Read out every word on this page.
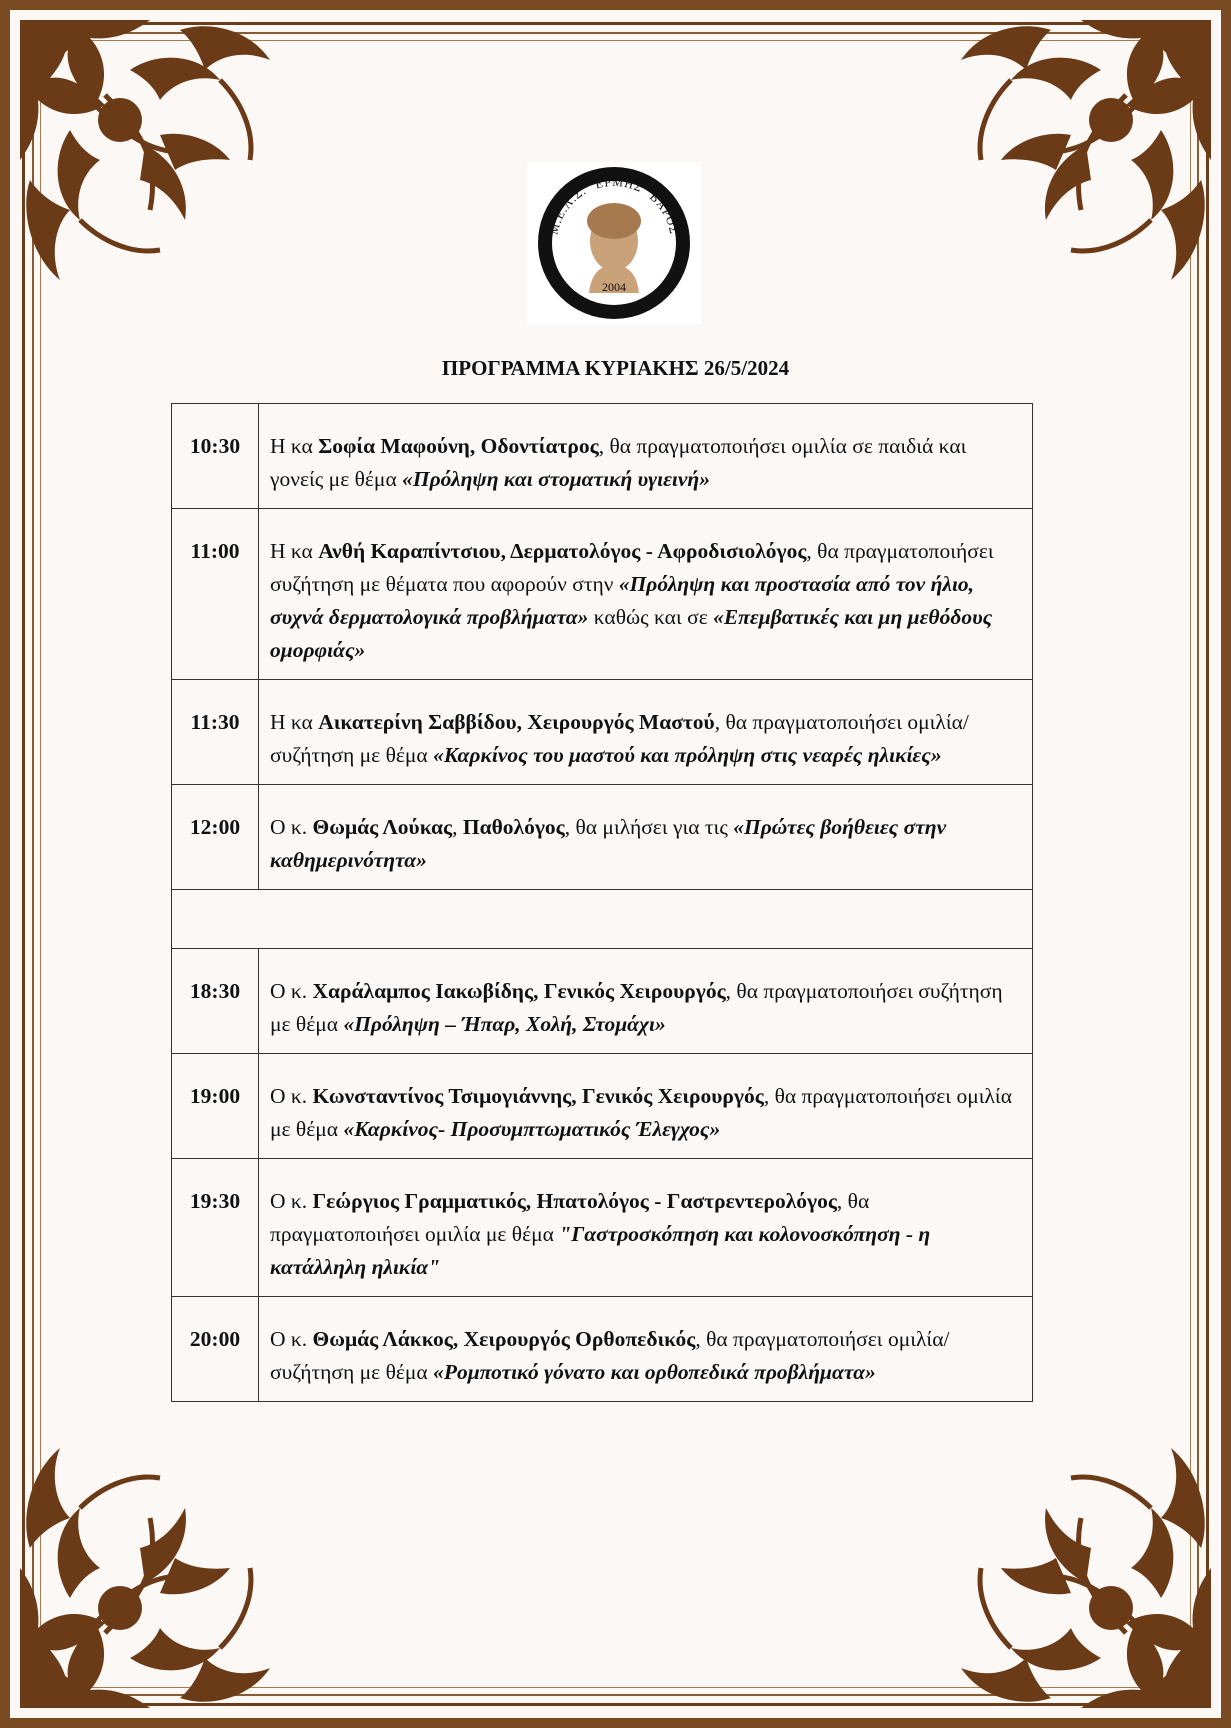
Μ.Ε.Λ.Σ. "ΕΡΜΗΣ" ΒΑΡΟΣ
2004
ΠΡΟΓΡΑΜΜΑ ΚΥΡΙΑΚΗΣ 26/5/2024
10:30	Η κα Σοφία Μαφούνη, Οδοντίατρος, θα πραγματοποιήσει ομιλία σε παιδιά και γονείς με θέμα «Πρόληψη και στοματική υγιεινή»
11:00	Η κα Ανθή Καραπίντσιου, Δερματολόγος - Αφροδισιολόγος, θα πραγματοποιήσει συζήτηση με θέματα που αφορούν στην «Πρόληψη και προστασία από τον ήλιο, συχνά δερματολογικά προβλήματα» καθώς και σε «Επεμβατικές και μη μεθόδους ομορφιάς»
11:30	Η κα Αικατερίνη Σαββίδου, Χειρουργός Μαστού, θα πραγματοποιήσει ομιλία/συζήτηση με θέμα «Καρκίνος του μαστού και πρόληψη στις νεαρές ηλικίες»
12:00	Ο κ. Θωμάς Λούκας, Παθολόγος, θα μιλήσει για τις «Πρώτες βοήθειες στην καθημερινότητα»

18:30	Ο κ. Χαράλαμπος Ιακωβίδης, Γενικός Χειρουργός, θα πραγματοποιήσει συζήτηση με θέμα «Πρόληψη – Ήπαρ, Χολή, Στομάχι»
19:00	Ο κ. Κωνσταντίνος Τσιμογιάννης, Γενικός Χειρουργός, θα πραγματοποιήσει ομιλία με θέμα «Καρκίνος- Προσυμπτωματικός Έλεγχος»
19:30	Ο κ. Γεώργιος Γραμματικός, Ηπατολόγος - Γαστρεντερολόγος, θα πραγματοποιήσει ομιλία με θέμα "Γαστροσκόπηση και κολονοσκόπηση - η κατάλληλη ηλικία"
20:00	Ο κ. Θωμάς Λάκκος, Χειρουργός Ορθοπεδικός, θα πραγματοποιήσει ομιλία/συζήτηση με θέμα «Ρομποτικό γόνατο και ορθοπεδικά προβλήματα»
